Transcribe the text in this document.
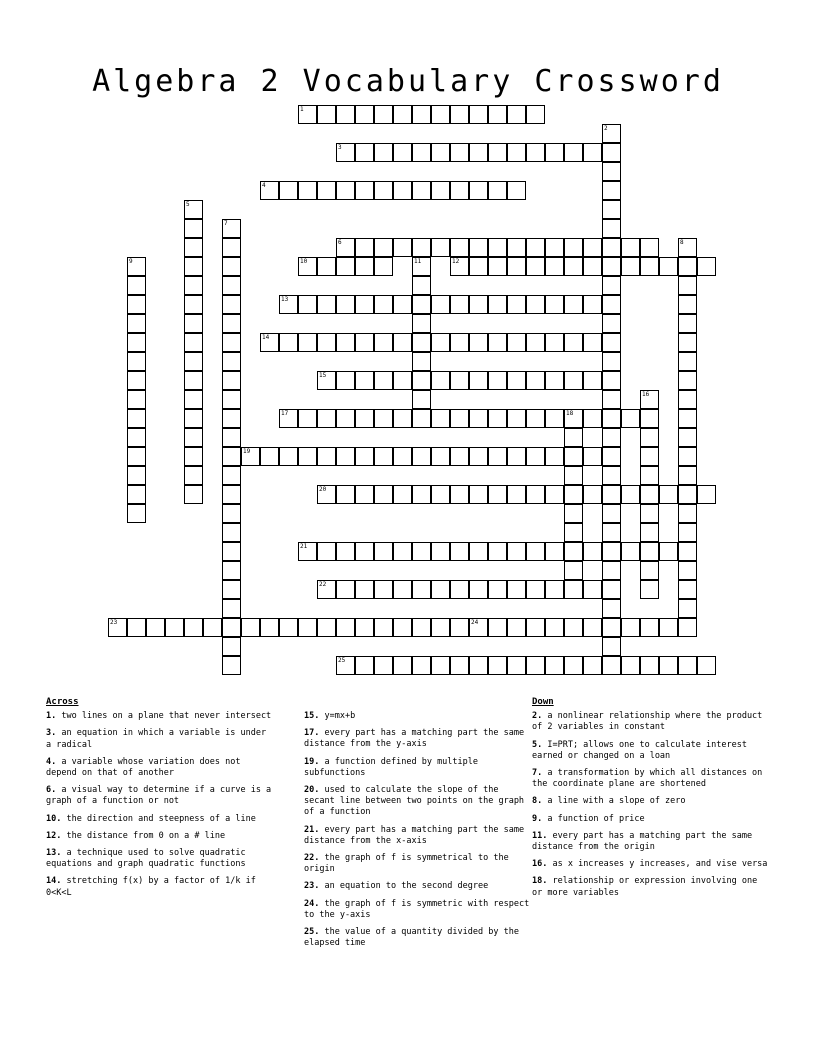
Algebra 2 Vocabulary Crossword
1
2
3
4
5
6
7
8
9	10	11	12
13
14
15
16
17	18
19
20
21
22
23	24
25
Across
1. two lines on a plane that never intersect
3. an equation in which a variable is under a radical
4. a variable whose variation does not depend on that of another
6. a visual way to determine if a curve is a graph of a function or not
10. the direction and steepness of a line
12. the distance from 0 on a # line
13. a technique used to solve quadratic equations and graph quadratic functions
14. stretching f(x) by a factor of 1/k if 0<K<L
15. y=mx+b
17. every part has a matching part the same distance from the y-axis
19. a function defined by multiple subfunctions
20. used to calculate the slope of the secant line between two points on the graph of a function
21. every part has a matching part the same distance from the x-axis
22. the graph of f is symmetrical to the origin
23. an equation to the second degree
24. the graph of f is symmetric with respect to the y-axis
25. the value of a quantity divided by the elapsed time
Down
2. a nonlinear relationship where the product of 2 variables in constant
5. I=PRT; allows one to calculate interest earned or changed on a loan
7. a transformation by which all distances on the coordinate plane are shortened
8. a line with a slope of zero
9. a function of price
11. every part has a matching part the same distance from the origin
16. as x increases y increases, and vise versa
18. relationship or expression involving one or more variables
